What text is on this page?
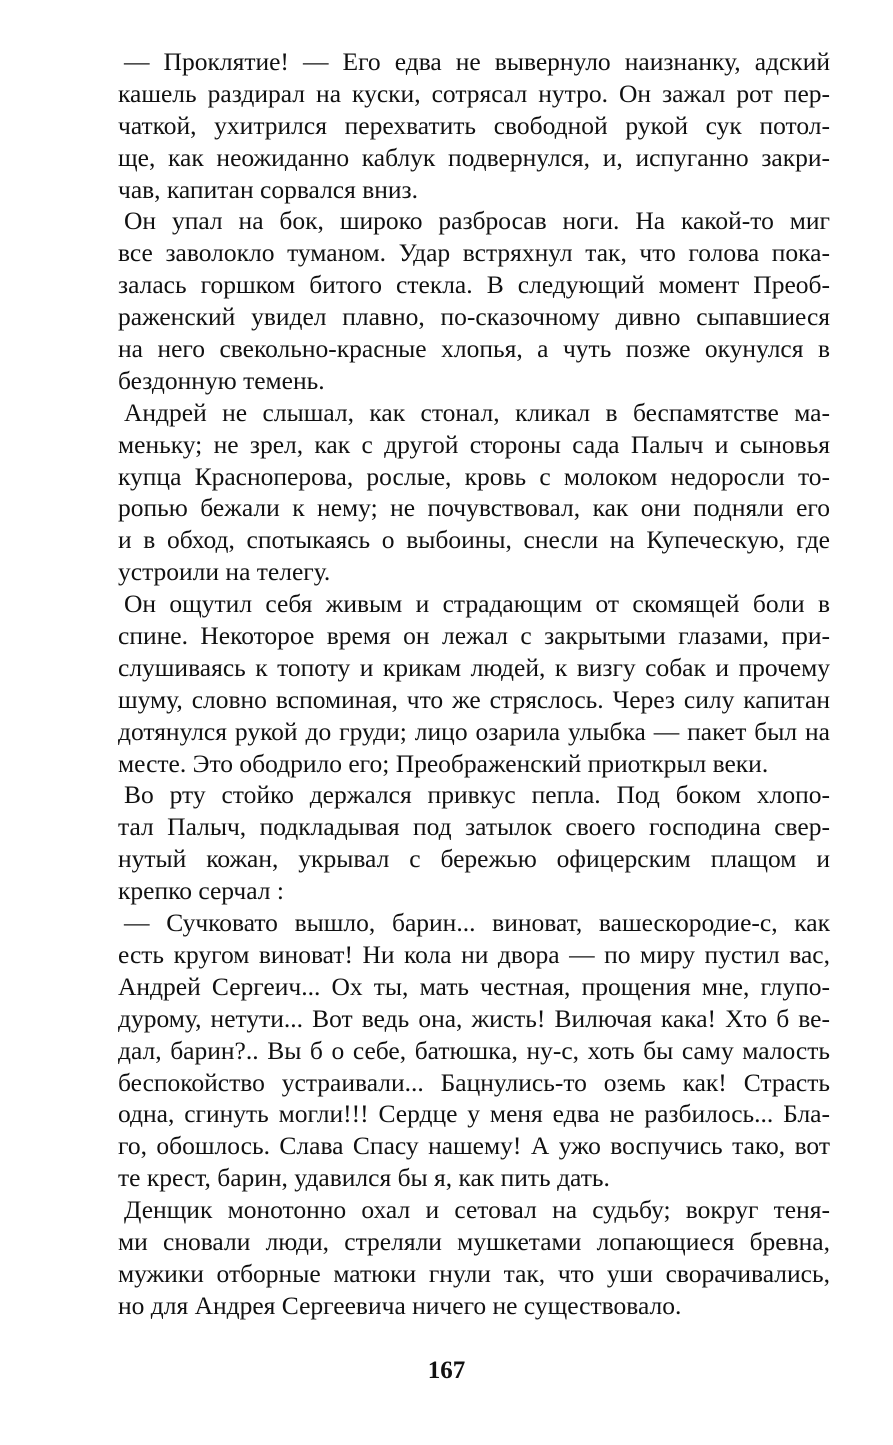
— Проклятие! — Его едва не вывернуло наизнанку, адский
кашель раздирал на куски, сотрясал нутро. Он зажал рот пер-
чаткой, ухитрился перехватить свободной рукой сук потол-
ще, как неожиданно каблук подвернулся, и, испуганно закри-
чав, капитан сорвался вниз.
Он упал на бок, широко разбросав ноги. На какой-то миг
все заволокло туманом. Удар встряхнул так, что голова пока-
залась горшком битого стекла. В следующий момент Преоб-
раженский увидел плавно, по-сказочному дивно сыпавшиеся
на него свекольно-красные хлопья, а чуть позже окунулся в
бездонную темень.
Андрей не слышал, как стонал, кликал в беспамятстве ма-
меньку; не зрел, как с другой стороны сада Палыч и сыновья
купца Красноперова, рослые, кровь с молоком недоросли то-
ропью бежали к нему; не почувствовал, как они подняли его
и в обход, спотыкаясь о выбоины, снесли на Купеческую, где
устроили на телегу.
Он ощутил себя живым и страдающим от скомящей боли в
спине. Некоторое время он лежал с закрытыми глазами, при-
слушиваясь к топоту и крикам людей, к визгу собак и прочему
шуму, словно вспоминая, что же стряслось. Через силу капитан
дотянулся рукой до груди; лицо озарила улыбка — пакет был на
месте. Это ободрило его; Преображенский приоткрыл веки.
Во рту стойко держался привкус пепла. Под боком хлопо-
тал Палыч, подкладывая под затылок своего господина свер-
нутый кожан, укрывал с бережью офицерским плащом и
крепко серчал :
— Сучковато вышло, барин... виноват, вашескородие-с, как
есть кругом виноват! Ни кола ни двора — по миру пустил вас,
Андрей Сергеич... Ох ты, мать честная, прощения мне, глупо-
дурому, нетути... Вот ведь она, жисть! Вилючая кака! Хто б ве-
дал, барин?.. Вы б о себе, батюшка, ну-с, хоть бы саму малость
беспокойство устраивали... Бацнулись-то оземь как! Страсть
одна, сгинуть могли!!! Сердце у меня едва не разбилось... Бла-
го, обошлось. Слава Спасу нашему! А ужо воспучись тако, вот
те крест, барин, удавился бы я, как пить дать.
Денщик монотонно охал и сетовал на судьбу; вокруг теня-
ми сновали люди, стреляли мушкетами лопающиеся бревна,
мужики отборные матюки гнули так, что уши сворачивались,
но для Андрея Сергеевича ничего не существовало.
167
